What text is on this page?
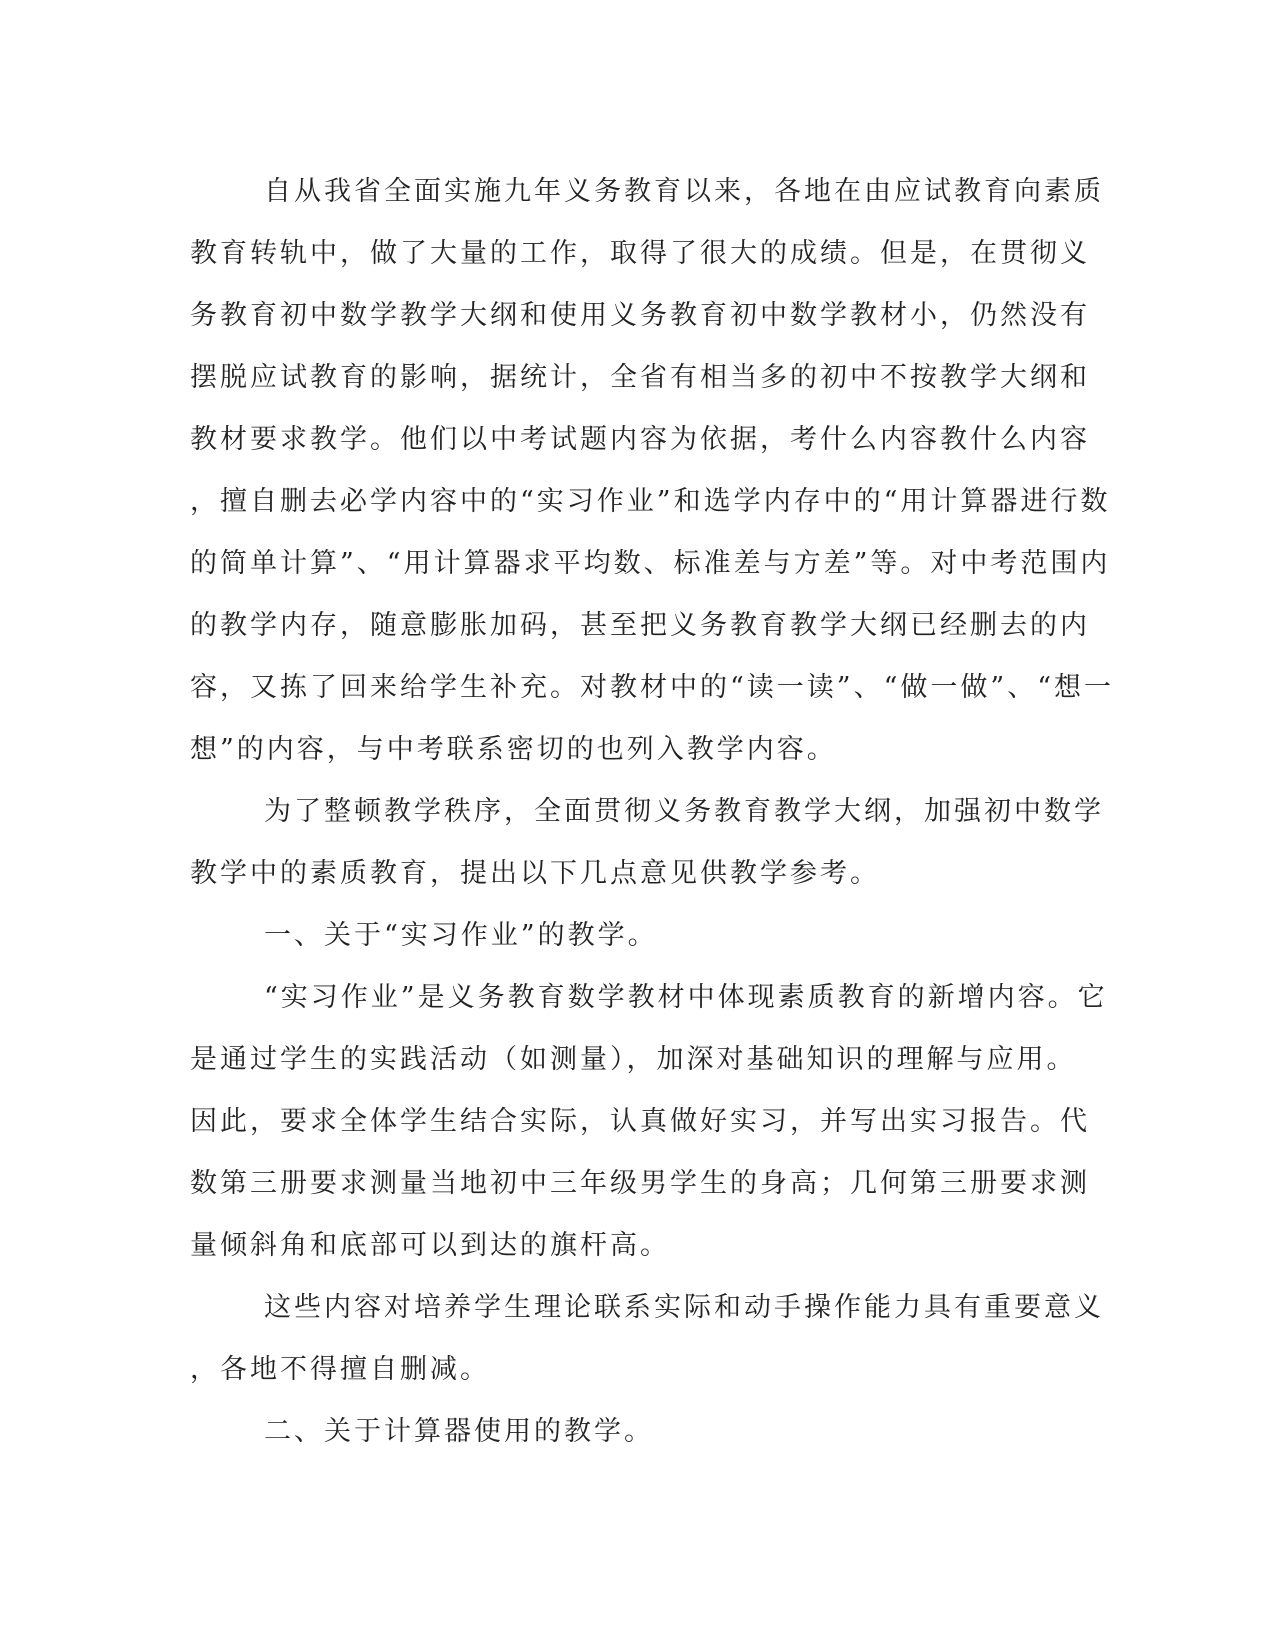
自从我省全面实施九年义务教育以来，各地在由应试教育向素质
教育转轨中，做了大量的工作，取得了很大的成绩。但是，在贯彻义
务教育初中数学教学大纲和使用义务教育初中数学教材小，仍然没有
摆脱应试教育的影响，据统计，全省有相当多的初中不按教学大纲和
教材要求教学。他们以中考试题内容为依据，考什么内容教什么内容
，擅自删去必学内容中的“实习作业”和选学内存中的“用计算器进行数
的简单计算”、“用计算器求平均数、标准差与方差”等。对中考范围内
的教学内存，随意膨胀加码，甚至把义务教育教学大纲已经删去的内
容，又拣了回来给学生补充。对教材中的“读一读”、“做一做”、“想一
想”的内容，与中考联系密切的也列入教学内容。
为了整顿教学秩序，全面贯彻义务教育教学大纲，加强初中数学
教学中的素质教育，提出以下几点意见供教学参考。
一、关于“实习作业”的教学。
“实习作业”是义务教育数学教材中体现素质教育的新增内容。它
是通过学生的实践活动（如测量），加深对基础知识的理解与应用。
因此，要求全体学生结合实际，认真做好实习，并写出实习报告。代
数第三册要求测量当地初中三年级男学生的身高；几何第三册要求测
量倾斜角和底部可以到达的旗杆高。
这些内容对培养学生理论联系实际和动手操作能力具有重要意义
，各地不得擅自删减。
二、关于计算器使用的教学。
